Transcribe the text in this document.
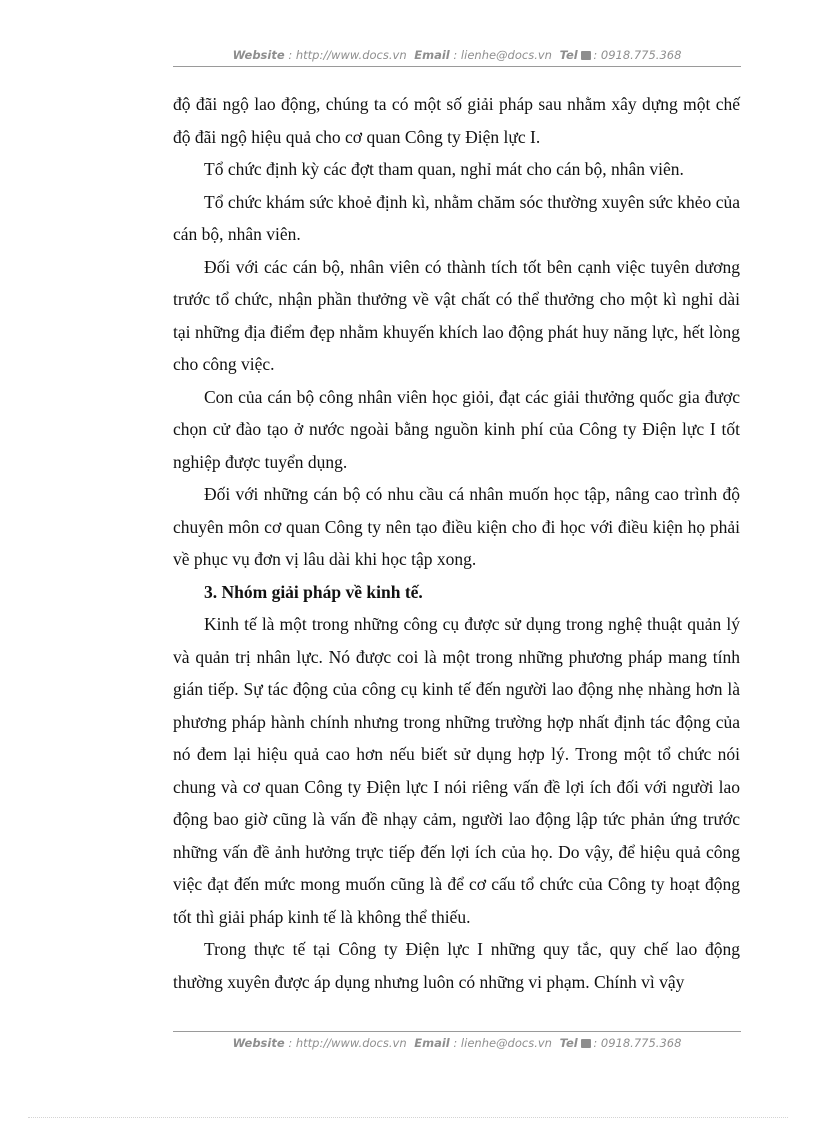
Website : http://www.docs.vn Email : lienhe@docs.vn Tel : 0918.775.368

độ đãi ngộ lao động, chúng ta có một số giải pháp sau nhằm xây dựng một chế độ đãi ngộ hiệu quả cho cơ quan Công ty Điện lực I.

Tổ chức định kỳ các đợt tham quan, nghỉ mát cho cán bộ, nhân viên.

Tổ chức khám sức khoẻ định kì, nhằm chăm sóc thường xuyên sức khẻo của cán bộ, nhân viên.

Đối với các cán bộ, nhân viên có thành tích tốt bên cạnh việc tuyên dương trước tổ chức, nhận phần thưởng về vật chất có thể thưởng cho một kì nghỉ dài tại những địa điểm đẹp nhằm khuyến khích lao động phát huy năng lực, hết lòng cho công việc.

Con của cán bộ công nhân viên học giỏi, đạt các giải thưởng quốc gia được chọn cử đào tạo ở nước ngoài bằng nguồn kinh phí của Công ty Điện lực I tốt nghiệp được tuyển dụng.

Đối với những cán bộ có nhu cầu cá nhân muốn học tập, nâng cao trình độ chuyên môn cơ quan Công ty nên tạo điều kiện cho đi học với điều kiện họ phải về phục vụ đơn vị lâu dài khi học tập xong.

3. Nhóm giải pháp về kinh tế.

Kinh tế là một trong những công cụ được sử dụng trong nghệ thuật quản lý và quản trị nhân lực. Nó được coi là một trong những phương pháp mang tính gián tiếp. Sự tác động của công cụ kinh tế đến người lao động nhẹ nhàng hơn là phương pháp hành chính nhưng trong những trường hợp nhất định tác động của nó đem lại hiệu quả cao hơn nếu biết sử dụng hợp lý. Trong một tổ chức nói chung và cơ quan Công ty Điện lực I nói riêng vấn đề lợi ích đối với người lao động bao giờ cũng là vấn đề nhạy cảm, người lao động lập tức phản ứng trước những vấn đề ảnh hưởng trực tiếp đến lợi ích của họ. Do vậy, để hiệu quả công việc đạt đến mức mong muốn cũng là để cơ cấu tổ chức của Công ty hoạt động tốt thì giải pháp kinh tế là không thể thiếu.

Trong thực tế tại Công ty Điện lực I những quy tắc, quy chế lao động thường xuyên được áp dụng nhưng luôn có những vi phạm. Chính vì vậy

Website : http://www.docs.vn Email : lienhe@docs.vn Tel : 0918.775.368
